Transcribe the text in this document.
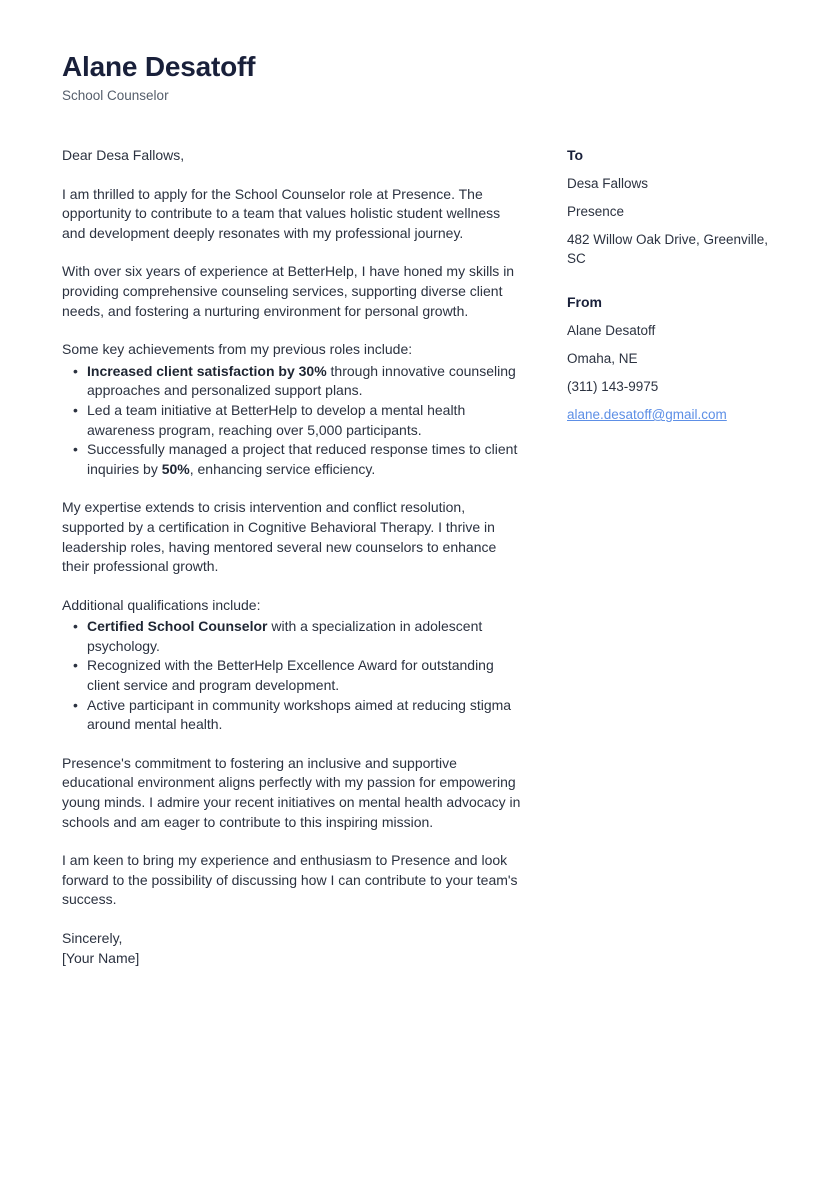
Alane Desatoff
School Counselor

Dear Desa Fallows,

I am thrilled to apply for the School Counselor role at Presence. The opportunity to contribute to a team that values holistic student wellness and development deeply resonates with my professional journey.

With over six years of experience at BetterHelp, I have honed my skills in providing comprehensive counseling services, supporting diverse client needs, and fostering a nurturing environment for personal growth.

Some key achievements from my previous roles include:

• Increased client satisfaction by 30% through innovative counseling approaches and personalized support plans.
• Led a team initiative at BetterHelp to develop a mental health awareness program, reaching over 5,000 participants.
• Successfully managed a project that reduced response times to client inquiries by 50%, enhancing service efficiency.

My expertise extends to crisis intervention and conflict resolution, supported by a certification in Cognitive Behavioral Therapy. I thrive in leadership roles, having mentored several new counselors to enhance their professional growth.

Additional qualifications include:

• Certified School Counselor with a specialization in adolescent psychology.
• Recognized with the BetterHelp Excellence Award for outstanding client service and program development.
• Active participant in community workshops aimed at reducing stigma around mental health.

Presence's commitment to fostering an inclusive and supportive educational environment aligns perfectly with my passion for empowering young minds. I admire your recent initiatives on mental health advocacy in schools and am eager to contribute to this inspiring mission.

I am keen to bring my experience and enthusiasm to Presence and look forward to the possibility of discussing how I can contribute to your team's success.

Sincerely,
[Your Name]
To
Desa Fallows
Presence
482 Willow Oak Drive, Greenville, SC
From
Alane Desatoff
Omaha, NE
(311) 143-9975
alane.desatoff@gmail.com
